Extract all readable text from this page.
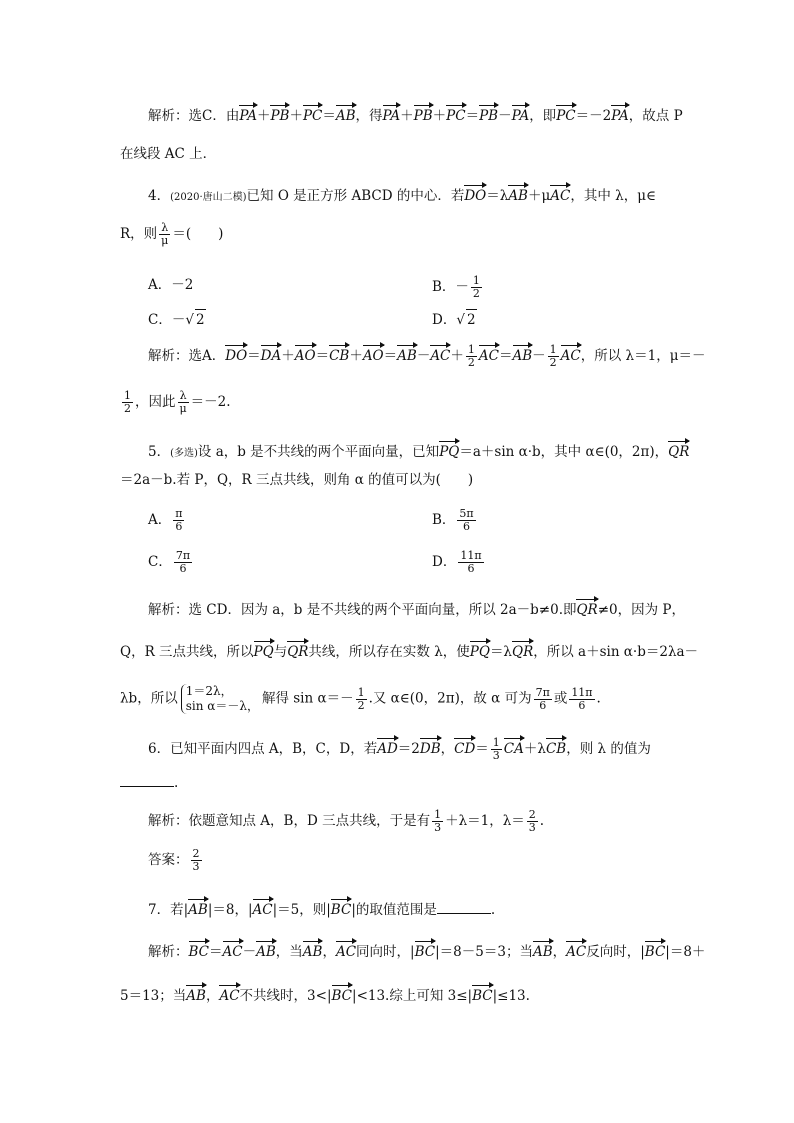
解析：选C．由PA＋PB＋PC＝AB，得PA＋PB＋PC＝PB－PA，即PC＝－2PA，故点 P
在线段 AC 上．
4．(2020·唐山二模)已知 O 是正方形 ABCD 的中心．若DO＝λAB＋μAC，其中 λ，μ∈
R，则 $\frac{\lambda}{\mu}$ ＝(　　)
A．－2	B．－ $\frac{1}{2}$
C．－√ 2	D．√ 2
解析：选A．$DO=DA+AO=CB+AO=AB-AC+ \frac{1}{2} AC=AB- \frac{1}{2}$ AC，所以 λ＝1，μ＝－
$\frac{1}{2}$ ，因此 $\frac{\lambda}{\mu} =-2$.
5．(多选)设 a，b 是不共线的两个平面向量，已知PQ＝a＋sin α·b，其中 α∈(0，2π)，QR
＝2a－b.若 P，Q，R 三点共线，则角 α 的值可以为(　　)
A． $\frac{\pi}{6}$	B． $\frac{5\pi}{6}$
C． $\frac{7\pi}{6}$	D． $\frac{11\pi}{6}$
解析：选 CD．因为 a，b 是不共线的两个平面向量，所以 2a－b≠0.即QR≠0，因为 P，
Q，R 三点共线，所以PQ与QR共线，所以存在实数 λ，使PQ＝λQR，所以 a＋sin α·b＝2λa－
λb，所以 1＝2λ，
sin α＝－λ， 解得 $\sin \alpha=- \frac{1}{2}$ .又 α∈(0，2π)，故 α 可为 $\frac{7\pi}{6}$ 或 $\frac{11\pi}{6}$ .
6．已知平面内四点 A，B，C，D，若AD＝2DB，$CD= \frac{1}{3} CA+\lambda CB$，则 λ 的值为
.
解析：依题意知点 A，B，D 三点共线，于是有 $\frac{1}{3} +\lambda=1$，$\lambda= \frac{2}{3}$ .
答案： $\frac{2}{3}$
7．若|AB|＝8，|AC|＝5，则|BC|的取值范围是	.
解析：BC＝AC－AB，当AB，AC同向时，|BC|＝8－5＝3；当AB，AC反向时，|BC|＝8＋
5＝13；当AB，AC不共线时，3<|BC|<13.综上可知 3≤|BC|≤13.
